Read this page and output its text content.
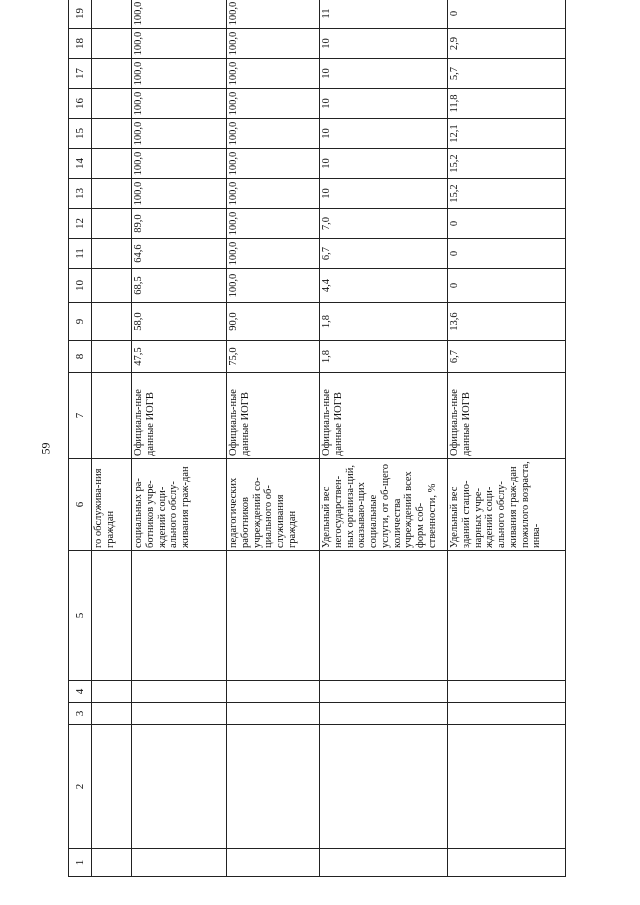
59
1	2	3	4	5	6	7	8	9	10	11	12	13	14	15	16	17	18	19	
					го обслужива-ния граждан														
					социальных ра-ботников учре-ждений соци-ального обслу-живания граж-дан	Официаль-ные данные ИОГВ	47,5	58,0	68,5	64,6	89,0	100,0	100,0	100,0	100,0	100,0	100,0	100,0	
					педагогических работников учреждений со-циального об-служивания граждан	Официаль-ные данные ИОГВ	75,0	90,0	100,0	100,0	100,0	100,0	100,0	100,0	100,0	100,0	100,0	100,0	
					Удельный вес негосударствен-ных организа-ций, оказываю-щих социальные услуги, от об-щего количества учреждений всех форм соб-ственности, %	Официаль-ные данные ИОГВ	1,8	1,8	4,4	6,7	7,0	10	10	10	10	10	10	11	
					Удельный вес зданий стацио-нарных учре-ждений соци-ального обслу-живания граж-дан пожилого возраста, инва-	Официаль-ные данные ИОГВ	6,7	13,6	0	0	0	15,2	15,2	12,1	11,8	5,7	2,9	0	
